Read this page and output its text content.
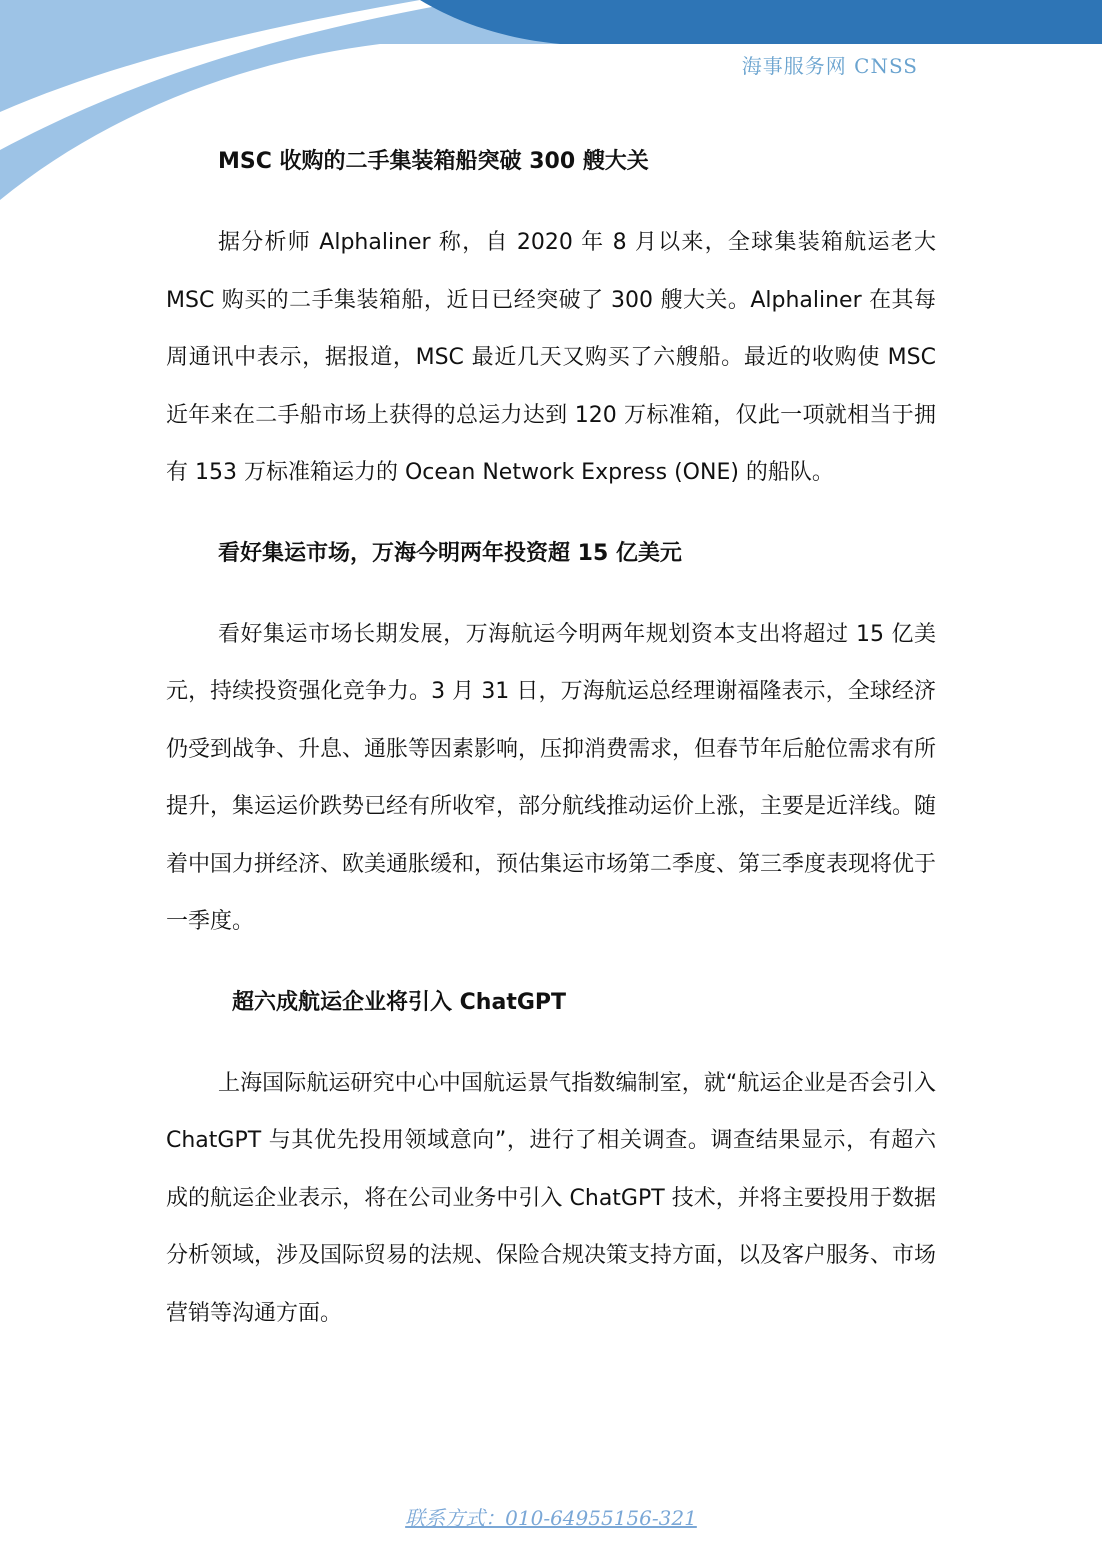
海事服务网 CNSS
MSC 收购的二手集装箱船突破 300 艘大关

据分析师 Alphaliner 称，自 2020 年 8 月以来，全球集装箱航运老大 MSC 购买的二手集装箱船，近日已经突破了 300 艘大关。Alphaliner 在其每周通讯中表示，据报道，MSC 最近几天又购买了六艘船。最近的收购使 MSC 近年来在二手船市场上获得的总运力达到 120 万标准箱，仅此一项就相当于拥有 153 万标准箱运力的 Ocean Network Express (ONE) 的船队。

看好集运市场，万海今明两年投资超 15 亿美元

看好集运市场长期发展，万海航运今明两年规划资本支出将超过 15 亿美元，持续投资强化竞争力。3 月 31 日，万海航运总经理谢福隆表示，全球经济仍受到战争、升息、通胀等因素影响，压抑消费需求，但春节年后舱位需求有所提升，集运运价跌势已经有所收窄，部分航线推动运价上涨，主要是近洋线。随着中国力拼经济、欧美通胀缓和，预估集运市场第二季度、第三季度表现将优于一季度。

超六成航运企业将引入 ChatGPT

上海国际航运研究中心中国航运景气指数编制室，就“航运企业是否会引入 ChatGPT 与其优先投用领域意向”，进行了相关调查。调查结果显示，有超六成的航运企业表示，将在公司业务中引入 ChatGPT 技术，并将主要投用于数据分析领域，涉及国际贸易的法规、保险合规决策支持方面，以及客户服务、市场营销等沟通方面。

联系方式：010-64955156-321
